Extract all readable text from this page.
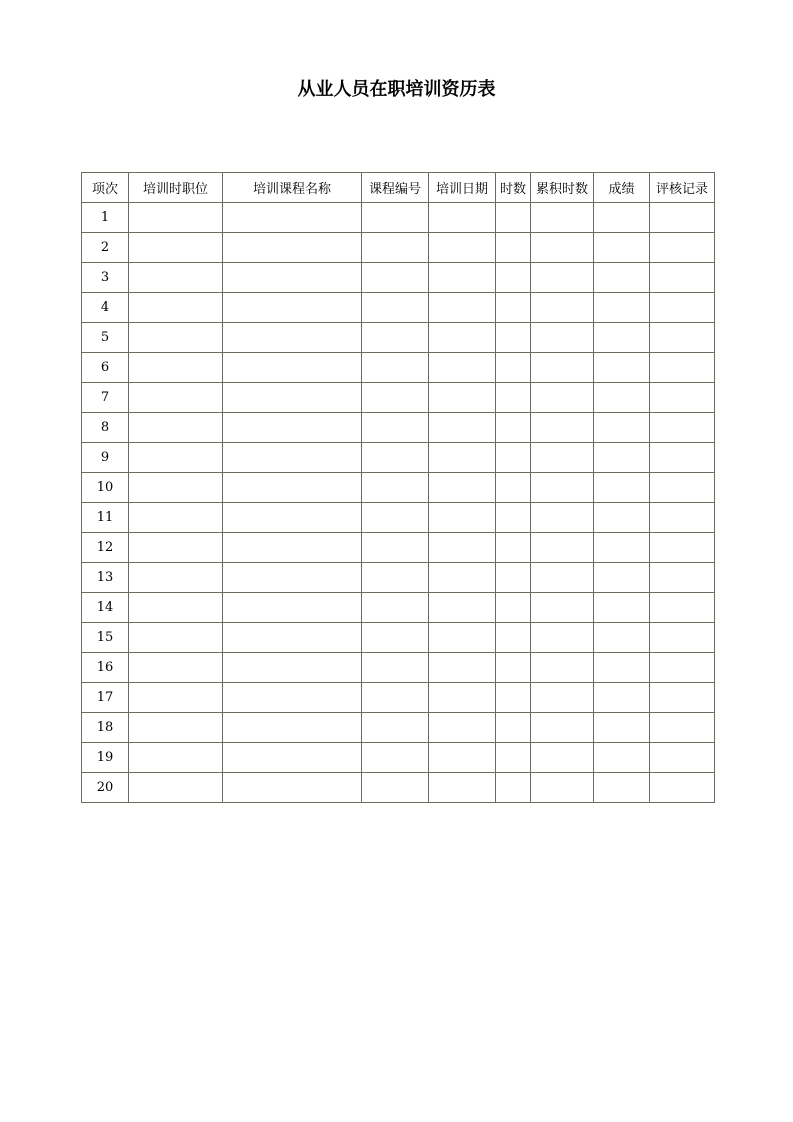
从业人员在职培训资历表
项次	培训时职位	培训课程名称	课程编号	培训日期	时数	累积时数	成绩	评核记录
1								
2								
3								
4								
5								
6								
7								
8								
9								
10								
11								
12								
13								
14								
15								
16								
17								
18								
19								
20								
